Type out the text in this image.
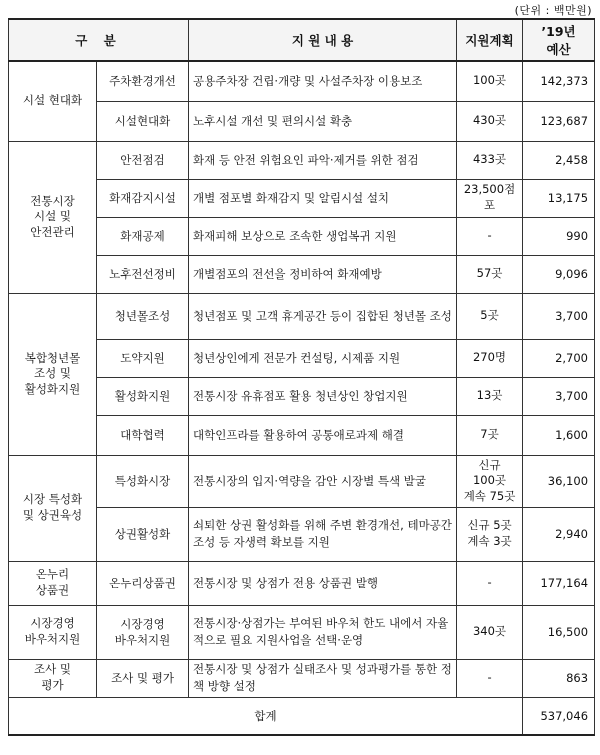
(단위 : 백만원)
구 분		지 원 내 용	지원계획	’19년
예산

시설 현대화	주차환경개선	공용주차장 건립·개량 및 사설주차장 이용보조	100곳	142,373
	시설현대화	노후시설 개선 및 편의시설 확충	430곳	123,687
전통시장
시설 및
안전관리	안전점검	화재 등 안전 위험요인 파악·제거를 위한 점검	433곳	2,458
	화재감지시설	개별 점포별 화재감지 및 알림시설 설치	23,500점포	13,175
	화재공제	화재피해 보상으로 조속한 생업복귀 지원	-	990
	노후전선정비	개별점포의 전선을 정비하여 화재예방	57곳	9,096
복합청년몰
조성 및
활성화지원	청년몰조성	청년점포 및 고객 휴게공간 등이 집합된 청년몰 조성	5곳	3,700
	도약지원	청년상인에게 전문가 컨설팅, 시제품 지원	270명	2,700
	활성화지원	전통시장 유휴점포 활용 청년상인 창업지원	13곳	3,700
	대학협력	대학인프라를 활용하여 공통애로과제 해결	7곳	1,600
시장 특성화
및 상권육성	특성화시장	전통시장의 입지·역량을 감안 시장별 특색 발굴	신규
100곳
계속 75곳	36,100
	상권활성화	쇠퇴한 상권 활성화를 위해 주변 환경개선, 테마공간 조성 등 자생력 확보를 지원	신규 5곳
계속 3곳	2,940
온누리
상품권	온누리상품권	전통시장 및 상점가 전용 상품권 발행	-	177,164
시장경영
바우처지원	시장경영
바우처지원	전통시장·상점가는 부여된 바우처 한도 내에서 자율적으로 필요 지원사업을 선택·운영	340곳	16,500
조사 및
평가	조사 및 평가	전통시장 및 상점가 실태조사 및 성과평가를 통한 정책 방향 설정	-	863
합계				537,046
